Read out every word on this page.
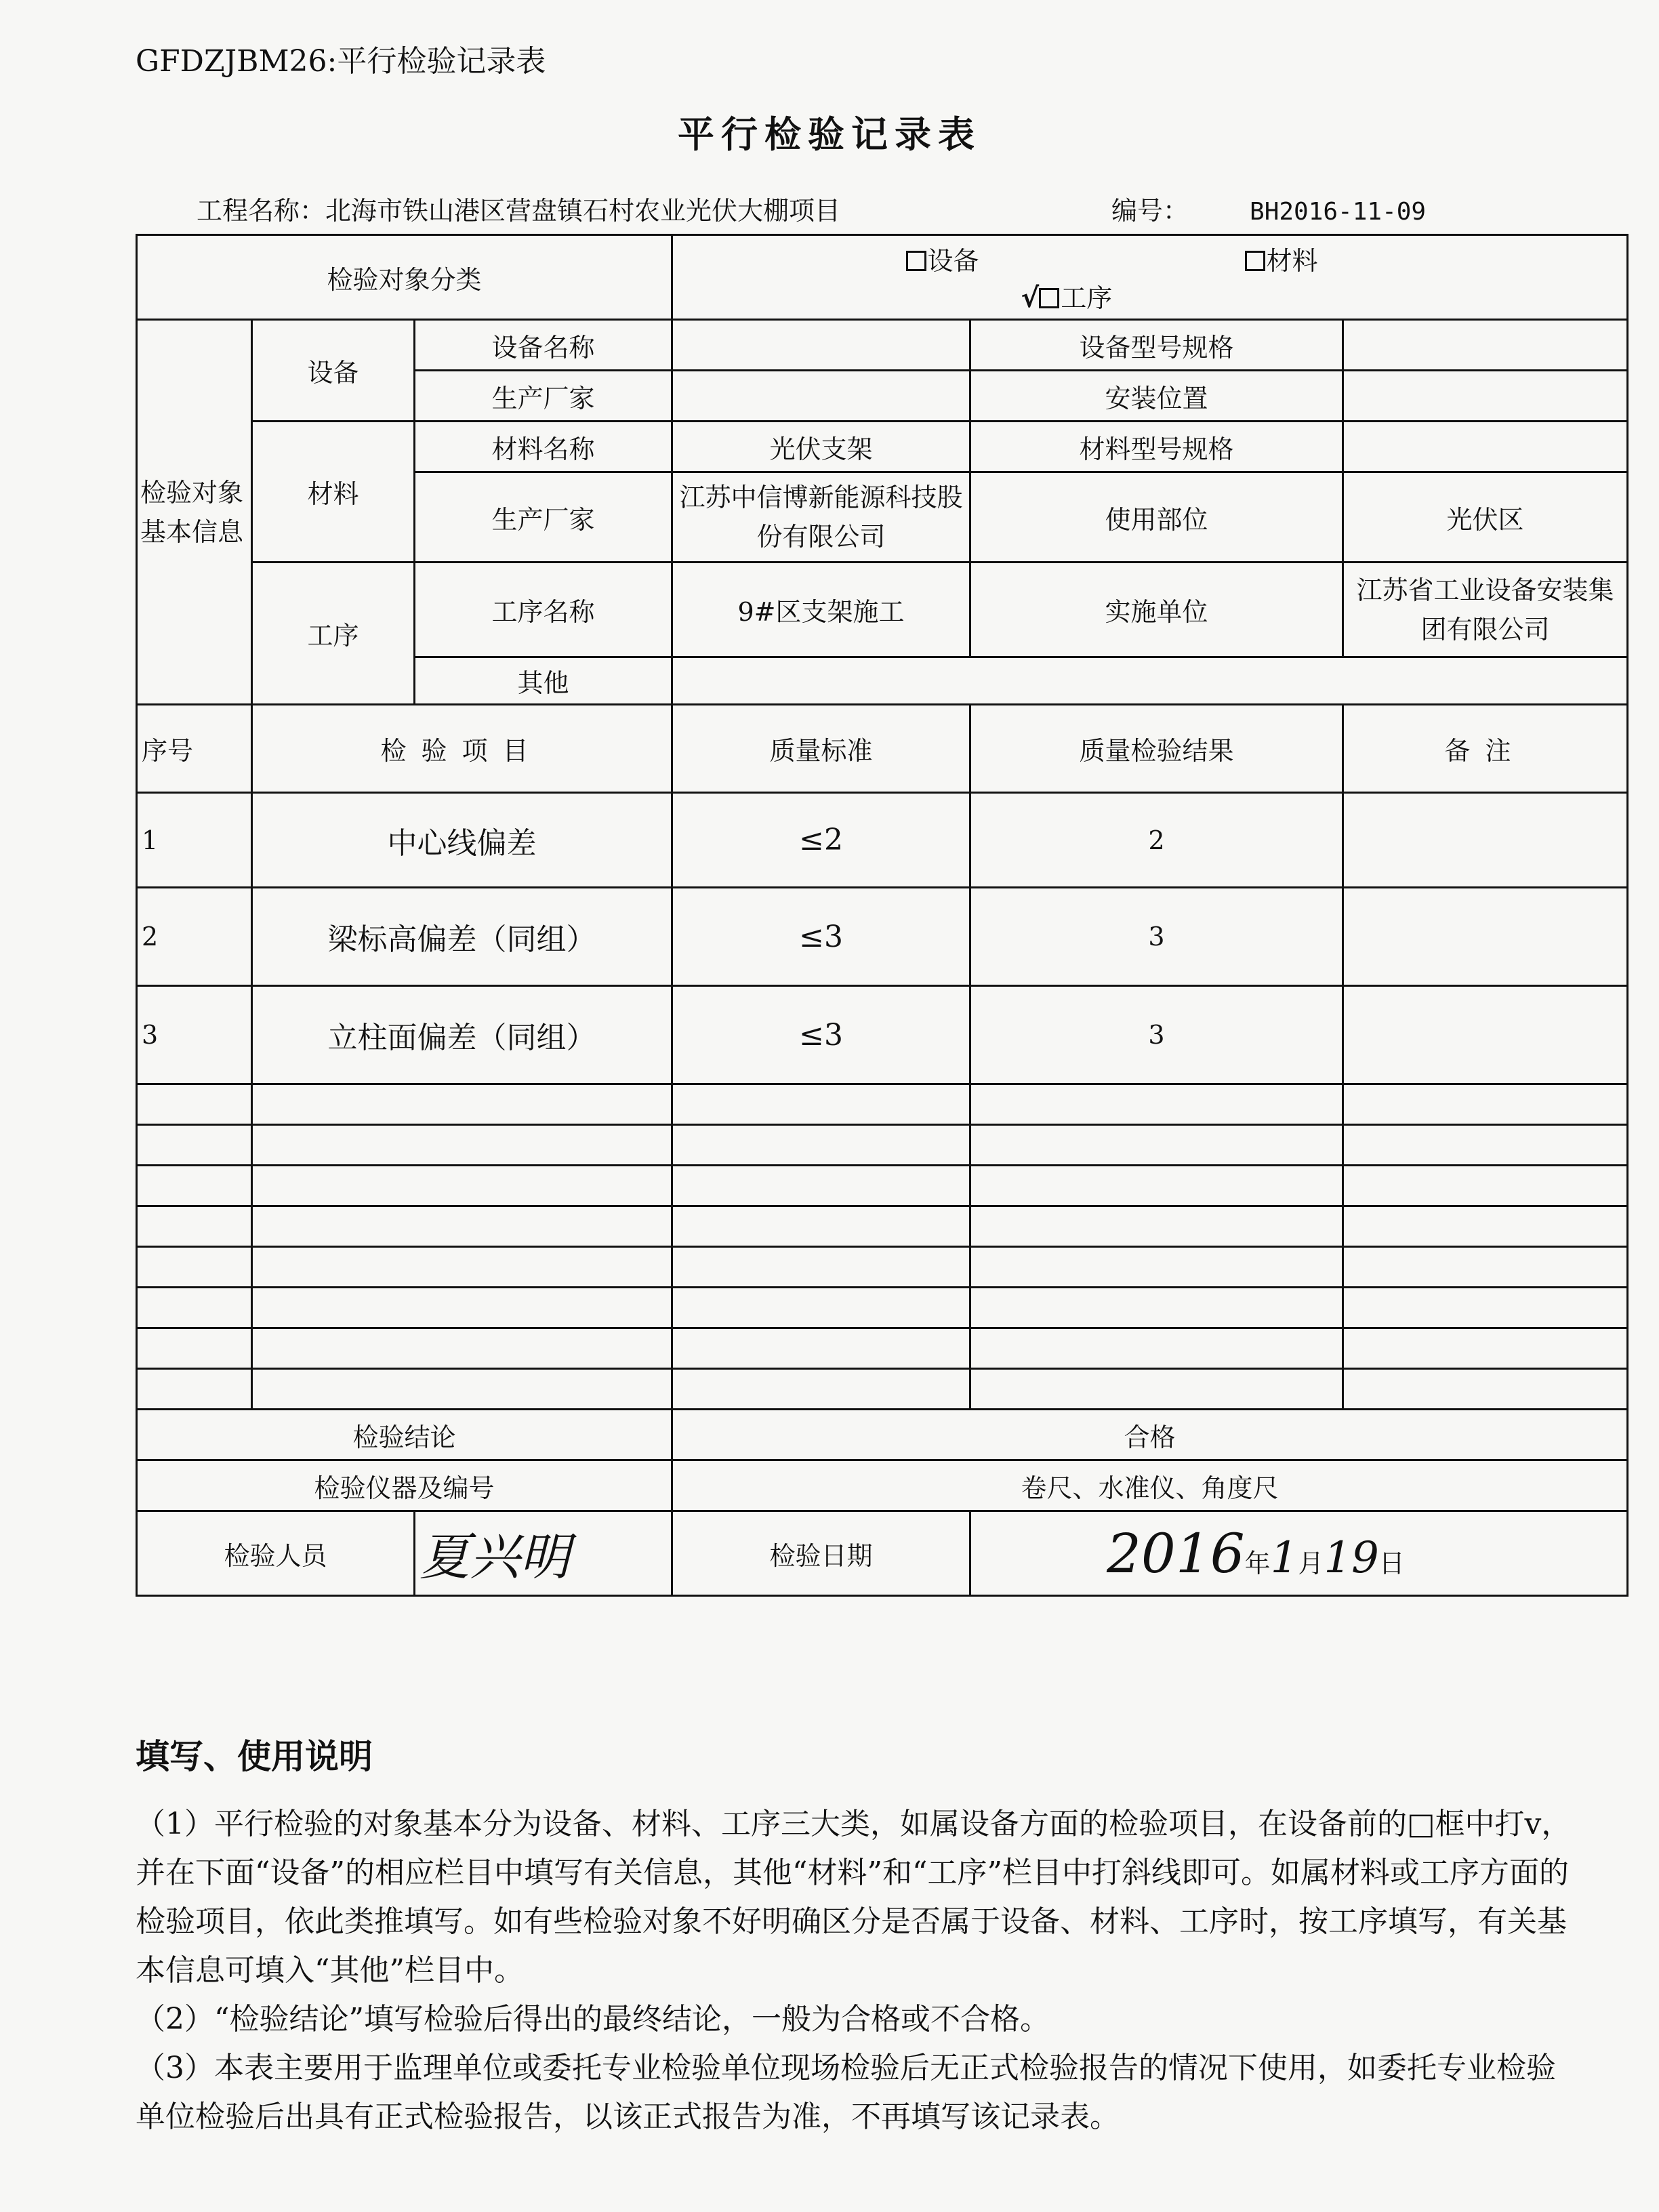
GFDZJBM26:平行检验记录表
平行检验记录表
工程名称：北海市铁山港区营盘镇石村农业光伏大棚项目	编号：	BH2016-11-09
检验对象分类			设备 材料√ 工序		
检验对象基本信息	设备	设备名称		设备型号规格	
		生产厂家		安装位置	
	材料	材料名称	光伏支架	材料型号规格	
		生产厂家	江苏中信博新能源科技股份有限公司	使用部位	光伏区
	工序	工序名称	9#区支架施工	实施单位	江苏省工业设备安装集团有限公司
		其他			

序号	检验项目		质量标准	质量检验结果	备注
1	中心线偏差		≤2	2	
2	梁标高偏差（同组）		≤3	3	
3	立柱面偏差（同组）		≤3	3	

检验结论			合格		
检验仪器及编号			卷尺、水准仪、角度尺		
检验人员		夏兴明	检验日期	2016年1月19日	
填写、使用说明

（1）平行检验的对象基本分为设备、材料、工序三大类，如属设备方面的检验项目，在设备前的□框中打v，并在下面“设备”的相应栏目中填写有关信息，其他“材料”和“工序”栏目中打斜线即可。如属材料或工序方面的检验项目，依此类推填写。如有些检验对象不好明确区分是否属于设备、材料、工序时，按工序填写，有关基本信息可填入“其他”栏目中。

（2）“检验结论”填写检验后得出的最终结论，一般为合格或不合格。

（3）本表主要用于监理单位或委托专业检验单位现场检验后无正式检验报告的情况下使用，如委托专业检验单位检验后出具有正式检验报告，以该正式报告为准，不再填写该记录表。
